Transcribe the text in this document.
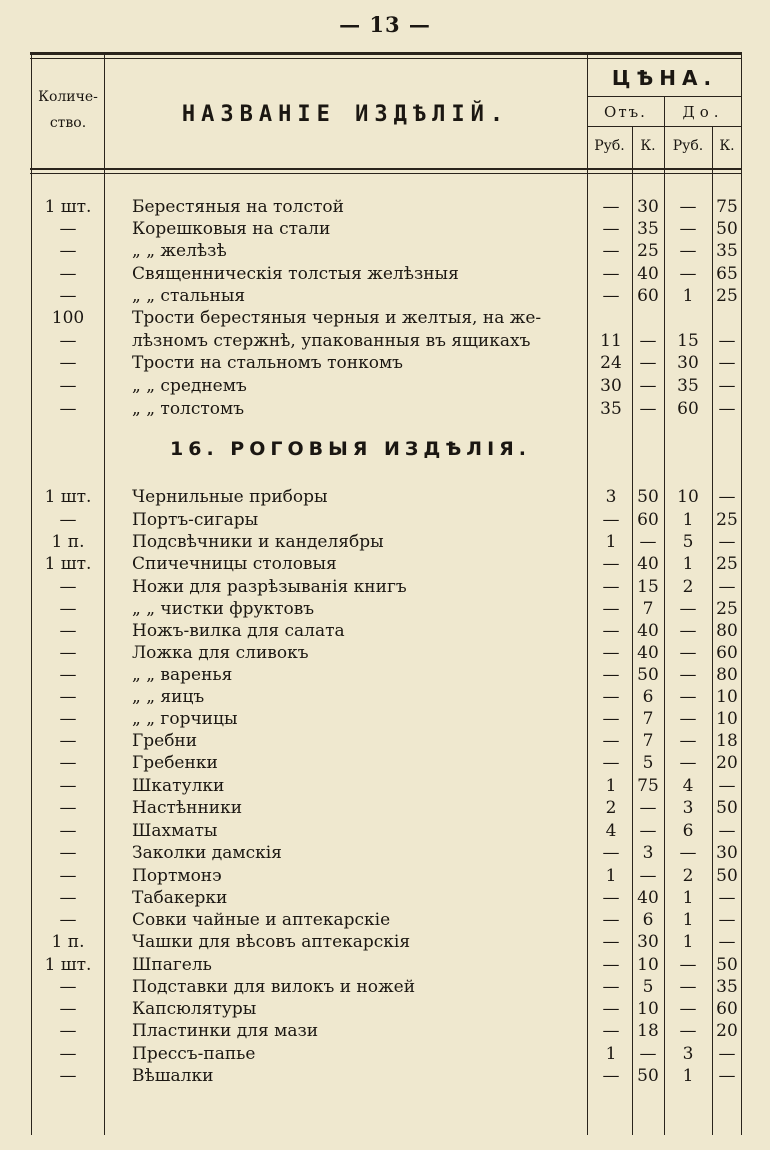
— 13 —
Количе-ство.	НАЗВАНІЕ ИЗДѢЛІЙ.
ЦѢНА.
Отъ.	До.
Руб.	К.	Руб.	К.
16. РОГОВЫЯ ИЗДѢЛІЯ.
1 шт.	Берестяныя на толстой	—	30	—	75
—	Корешковыя на стали	—	35	—	50
—	„ „ желѣзѣ	—	25	—	35
—	Священническія толстыя желѣзныя	—	40	—	65
—	„ „ стальныя	—	60	1	25
100	Трости берестяныя черныя и желтыя, на же-
—	лѣзномъ стержнѣ, упакованныя въ ящикахъ	11	—	15	—
—	Трости на стальномъ тонкомъ	24	—	30	—
—	„ „ среднемъ	30	—	35	—
—	„ „ толстомъ	35	—	60	—
1 шт.	Чернильные приборы	3	50	10	—
—	Портъ-сигары	—	60	1	25
1 п.	Подсвѣчники и канделябры	1	—	5	—
1 шт.	Спичечницы столовыя	—	40	1	25
—	Ножи для разрѣзыванія книгъ	—	15	2	—
—	„ „ чистки фруктовъ	—	7	—	25
—	Ножъ-вилка для салата	—	40	—	80
—	Ложка для сливокъ	—	40	—	60
—	„ „ варенья	—	50	—	80
—	„ „ яицъ	—	6	—	10
—	„ „ горчицы	—	7	—	10
—	Гребни	—	7	—	18
—	Гребенки	—	5	—	20
—	Шкатулки	1	75	4	—
—	Настѣнники	2	—	3	50
—	Шахматы	4	—	6	—
—	Заколки дамскія	—	3	—	30
—	Портмонэ	1	—	2	50
—	Табакерки	—	40	1	—
—	Совки чайные и аптекарскіе	—	6	1	—
1 п.	Чашки для вѣсовъ аптекарскія	—	30	1	—
1 шт.	Шпагель	—	10	—	50
—	Подставки для вилокъ и ножей	—	5	—	35
—	Капсюлятуры	—	10	—	60
—	Пластинки для мази	—	18	—	20
—	Прессъ-папье	1	—	3	—
—	Вѣшалки	—	50	1	—
